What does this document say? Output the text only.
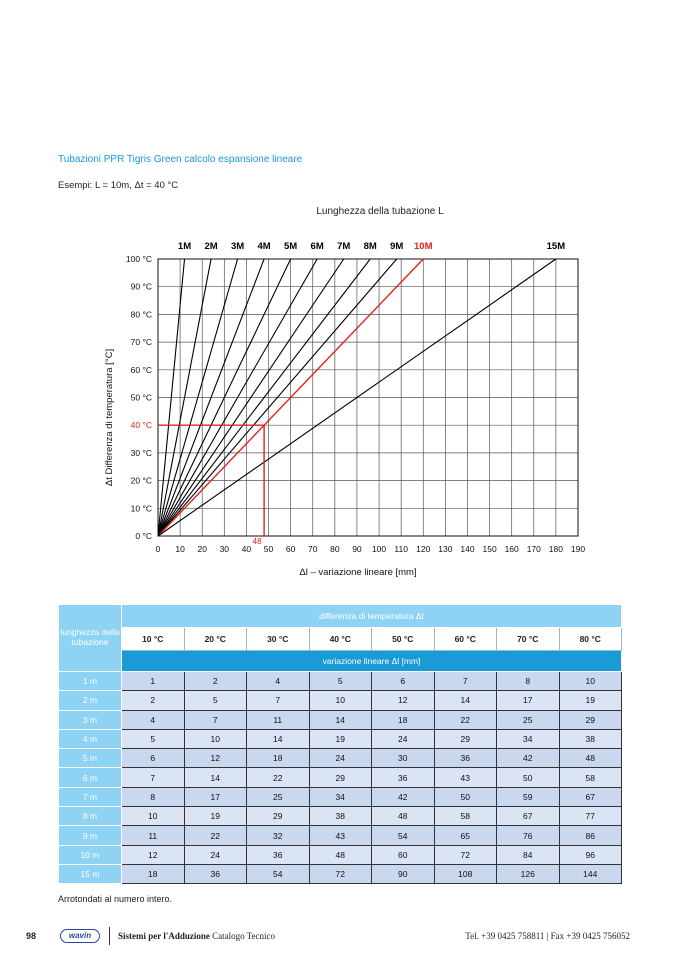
Tubazioni PPR Tigris Green calcolo espansione lineare
Esempi: L = 10m, Δt = 40 °C
Lunghezza della tubazione L
1M 2M 3M 4M 5M 6M 7M 8M 9M 10M	15M
0 °C
10 °C
20 °C
30 °C
40 °C
50 °C
60 °C
70 °C
80 °C
90 °C
100 °C
0 10 20 30 40 50 60 70 80 90 100 110 120 130 140 150 160 170 180 190
48
Δl – variazione lineare [mm]
Δt Differenza di temperatura [°C]
lunghezza della tubazione	differenza di temperatura Δt							
	10 °C	20 °C	30 °C	40 °C	50 °C	60 °C	70 °C	80 °C
	variazione lineare Δl [mm]							
1 m	1	2	4	5	6	7	8	10
2 m	2	5	7	10	12	14	17	19
3 m	4	7	11	14	18	22	25	29
4 m	5	10	14	19	24	29	34	38
5 m	6	12	18	24	30	36	42	48
6 m	7	14	22	29	36	43	50	58
7 m	8	17	25	34	42	50	59	67
8 m	10	19	29	38	48	58	67	77
9 m	11	22	32	43	54	65	76	86
10 m	12	24	36	48	60	72	84	96
15 m	18	36	54	72	90	108	126	144
Arrotondati al numero intero.
98	wavin	Sistemi per l'Adduzione Catalogo Tecnico	Tel. +39 0425 758811 | Fax +39 0425 756052
